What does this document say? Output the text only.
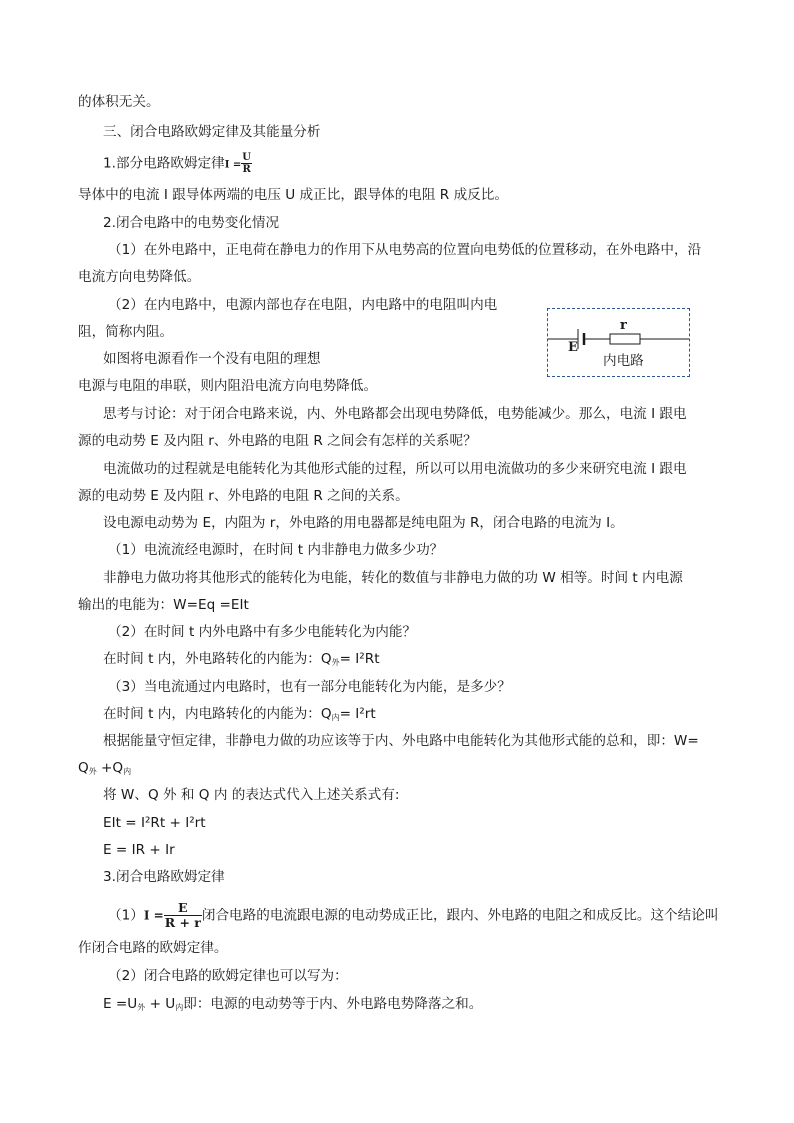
的体积无关。
三、闭合电路欧姆定律及其能量分析
1.部分电路欧姆定律$I = \frac{U}{R}$
导体中的电流 I 跟导体两端的电压 U 成正比，跟导体的电阻 R 成反比。
2.闭合电路中的电势变化情况
（1）在外电路中，正电荷在静电力的作用下从电势高的位置向电势低的位置移动，在外电路中，沿
电流方向电势降低。
（2）在内电路中，电源内部也存在电阻，内电路中的电阻叫内电
阻，简称内阻。
如图将电源看作一个没有电阻的理想
电源与电阻的串联，则内阻沿电流方向电势降低。
E
r
内电路
思考与讨论：对于闭合电路来说，内、外电路都会出现电势降低，电势能减少。那么，电流 I 跟电
源的电动势 E 及内阻 r、外电路的电阻 R 之间会有怎样的关系呢？
电流做功的过程就是电能转化为其他形式能的过程，所以可以用电流做功的多少来研究电流 I 跟电
源的电动势 E 及内阻 r、外电路的电阻 R 之间的关系。
设电源电动势为 E，内阻为 r，外电路的用电器都是纯电阻为 R，闭合电路的电流为 I。
（1）电流流经电源时，在时间 t 内非静电力做多少功？
非静电力做功将其他形式的能转化为电能，转化的数值与非静电力做的功 W 相等。时间 t 内电源
输出的电能为：W=Eq =EIt
（2）在时间 t 内外电路中有多少电能转化为内能？
在时间 t 内，外电路转化的内能为：$Q_外= I^2Rt$
（3）当电流通过内电路时，也有一部分电能转化为内能，是多少？
在时间 t 内，内电路转化的内能为：$Q_内= I^2rt$
根据能量守恒定律，非静电力做的功应该等于内、外电路中电能转化为其他形式能的总和，即：W=
$Q_外 +Q_内$
将 W、Q 外 和 Q 内 的表达式代入上述关系式有:
EIt = I²Rt + I²rt
E = IR + Ir
3.闭合电路欧姆定律
$(1)I = \frac{E}{R + r}$ 闭合电路的电流跟电源的电动势成正比，跟内、外电路的电阻之和成反比。这个结论叫
作闭合电路的欧姆定律。
（2）闭合电路的欧姆定律也可以写为：
$E =U_外 + U_内$即：电源的电动势等于内、外电路电势降落之和。
